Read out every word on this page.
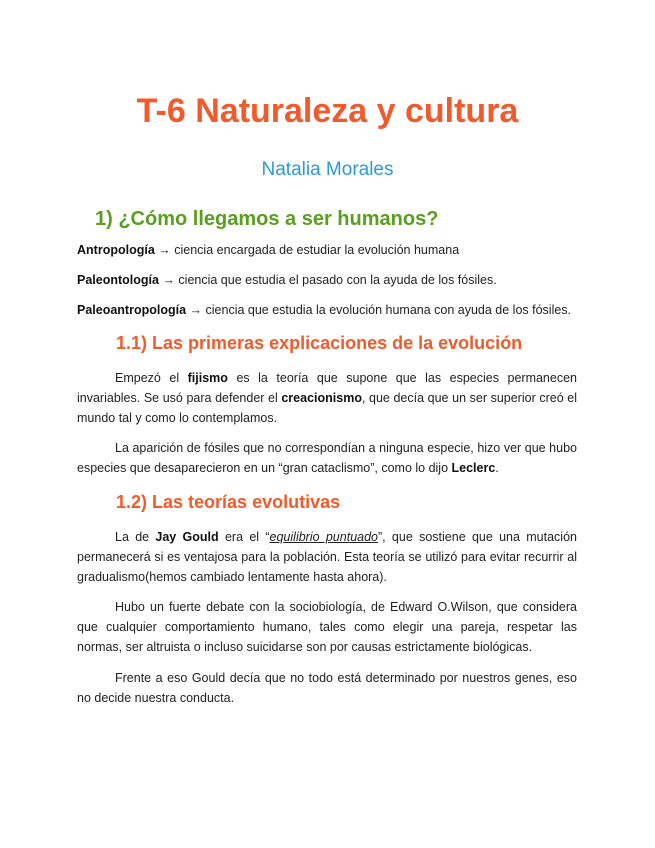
T-6 Naturaleza y cultura
Natalia Morales
1) ¿Cómo llegamos a ser humanos?

Antropología → ciencia encargada de estudiar la evolución humana

Paleontología → ciencia que estudia el pasado con la ayuda de los fósiles.

Paleoantropología → ciencia que estudia la evolución humana con ayuda de los fósiles.

1.1) Las primeras explicaciones de la evolución

Empezó el fijismo es la teoría que supone que las especies permanecen invariables. Se usó para defender el creacionismo, que decía que un ser superior creó el mundo tal y como lo contemplamos.

La aparición de fósiles que no correspondían a ninguna especie, hizo ver que hubo especies que desaparecieron en un “gran cataclismo”, como lo dijo Leclerc.

1.2) Las teorías evolutivas

La de Jay Gould era el “equilibrio puntuado”, que sostiene que una mutación permanecerá si es ventajosa para la población. Esta teoría se utilizó para evitar recurrir al gradualismo(hemos cambiado lentamente hasta ahora).

Hubo un fuerte debate con la sociobiología, de Edward O.Wilson, que considera que cualquier comportamiento humano, tales como elegir una pareja, respetar las normas, ser altruista o incluso suicidarse son por causas estrictamente biológicas.

Frente a eso Gould decía que no todo está determinado por nuestros genes, eso no decide nuestra conducta.
